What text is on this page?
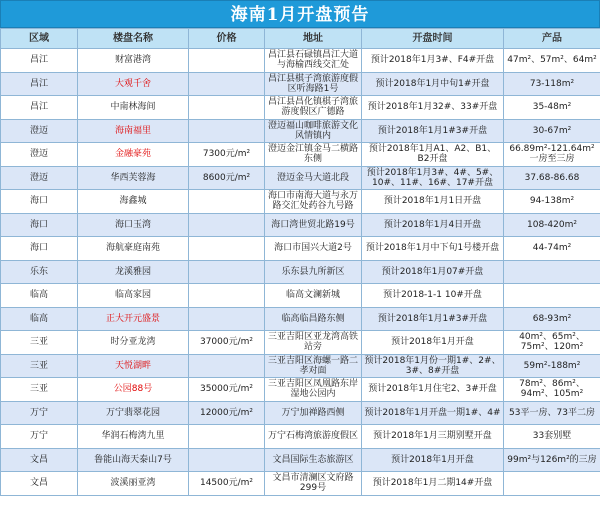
海南1月开盘预告
区域	楼盘名称	价格	地址	开盘时间	产品
昌江	财富港湾		昌江县石碌镇昌江大道与海榆西线交汇处	预计2018年1月3#、F4#开盘	47m²、57m²、64m²
昌江	大观千舍		昌江县棋子湾旅游度假区听海路1号	预计2018年1月中旬1#开盘	73-118m²
昌江	中南林海间		昌江县昌化镇棋子湾旅游度假区广德路	预计2018年1月32#、33#开盘	35-48m²
澄迈	海南福里		澄迈福山咖啡旅游文化风情镇内	预计2018年1月1#3#开盘	30-67m²
澄迈	金融豪苑	7300元/m²	澄迈金江镇金马二横路东侧	预计2018年1月A1、A2、B1、B2开盘	66.89m²-121.64m²一房至三房
澄迈	华西芙蓉海	8600元/m²	澄迈金马大道北段	预计2018年1月3#、4#、5#、10#、11#、16#、17#开盘	37.68-86.68
海口	海鑫城		海口市南海大道与永万路交汇处药谷九号路	预计2018年1月1日开盘	94-138m²
海口	海口玉湾		海口湾世贸北路19号	预计2018年1月4日开盘	108-420m²
海口	海航豪庭南苑		海口市国兴大道2号	预计2018年1月中下旬1号楼开盘	44-74m²
乐东	龙溪雅园		乐东县九所新区	预计2018年1月07#开盘	
临高	临高家园		临高文澜新城	预计2018-1-1 10#开盘	
临高	正大开元盛景		临高临昌路东侧	预计2018年1月1#3#开盘	68-93m²
三亚	时分亚龙湾	37000元/m²	三亚吉阳区亚龙湾高铁站旁	预计2018年1月开盘	40m²、65m²、75m²、120m²
三亚	天悦湖畔		三亚吉阳区海螺一路二孝对面	预计2018年1月份一期1#、2#、3#、8#开盘	59m²-188m²
三亚	公园88号	35000元/m²	三亚吉阳区凤凰路东岸湿地公园内	预计2018年1月住宅2、3#开盘	78m²、86m²、94m²、105m²
万宁	万宁翡翠花园	12000元/m²	万宁加禅路西侧	预计2018年1月开盘一期1#、4#	53平一房、73平二房
万宁	华润石梅湾九里		万宁石梅湾旅游度假区	预计2018年1月三期别墅开盘	33套别墅
文昌	鲁能山海天泰山7号		文昌国际生态旅游区	预计2018年1月开盘	99m²与126m²的三房
文昌	波溪丽亚湾	14500元/m²	文昌市清澜区文府路299号	预计2018年1月二期14#开盘	
